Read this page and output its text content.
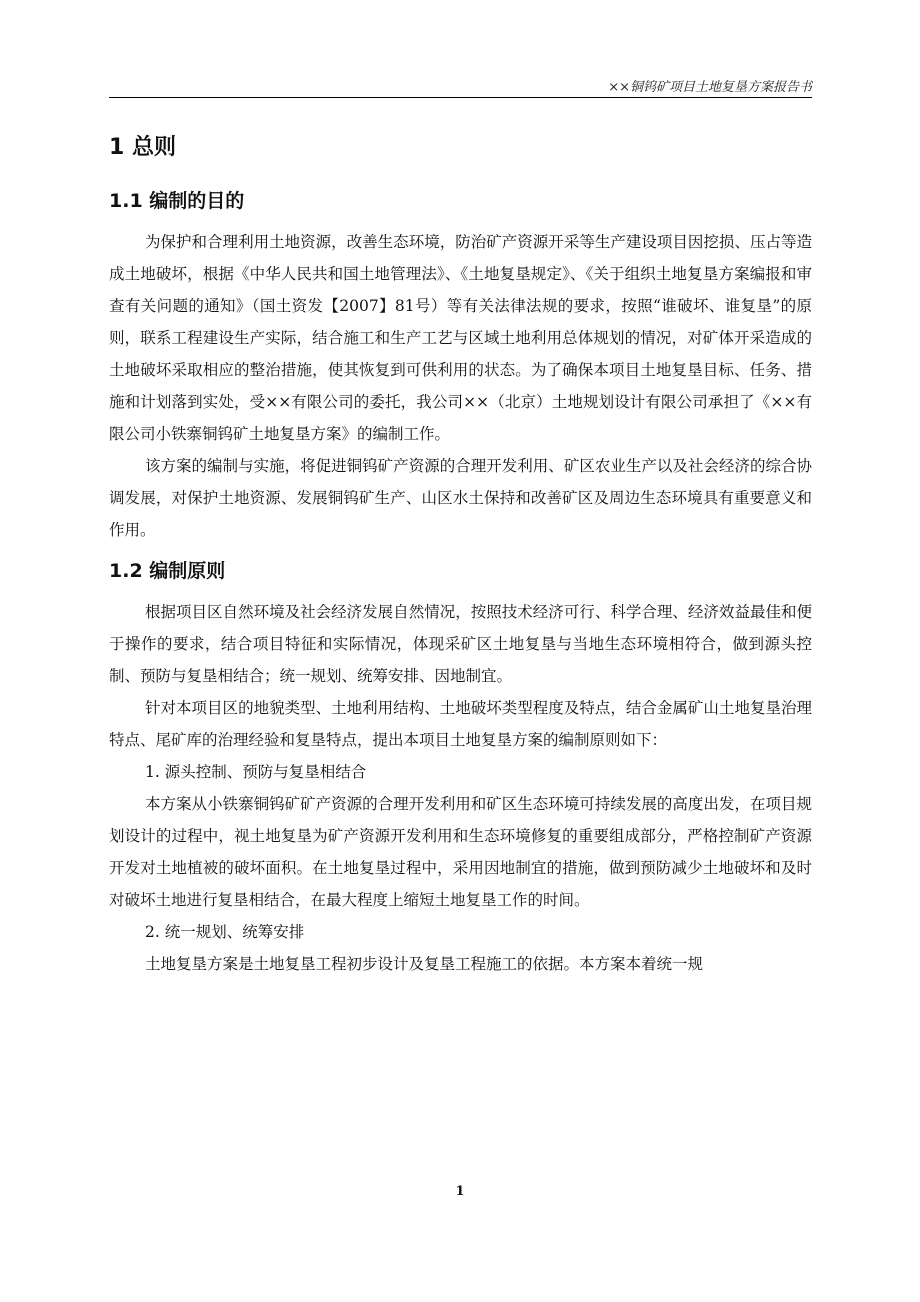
××铜钨矿项目土地复垦方案报告书
1 总则
1.1 编制的目的

为保护和合理利用土地资源，改善生态环境，防治矿产资源开采等生产建设项目因挖损、压占等造成土地破坏，根据《中华人民共和国土地管理法》、《土地复垦规定》、《关于组织土地复垦方案编报和审查有关问题的通知》（国土资发【2007】81号）等有关法律法规的要求，按照“谁破坏、谁复垦”的原则，联系工程建设生产实际，结合施工和生产工艺与区域土地利用总体规划的情况，对矿体开采造成的土地破坏采取相应的整治措施，使其恢复到可供利用的状态。为了确保本项目土地复垦目标、任务、措施和计划落到实处，受××有限公司的委托，我公司××（北京）土地规划设计有限公司承担了《××有限公司小铁寨铜钨矿土地复垦方案》的编制工作。

该方案的编制与实施，将促进铜钨矿产资源的合理开发利用、矿区农业生产以及社会经济的综合协调发展，对保护土地资源、发展铜钨矿生产、山区水土保持和改善矿区及周边生态环境具有重要意义和作用。

1.2 编制原则

根据项目区自然环境及社会经济发展自然情况，按照技术经济可行、科学合理、经济效益最佳和便于操作的要求，结合项目特征和实际情况，体现采矿区土地复垦与当地生态环境相符合，做到源头控制、预防与复垦相结合；统一规划、统筹安排、因地制宜。

针对本项目区的地貌类型、土地利用结构、土地破坏类型程度及特点，结合金属矿山土地复垦治理特点、尾矿库的治理经验和复垦特点，提出本项目土地复垦方案的编制原则如下：

1. 源头控制、预防与复垦相结合

本方案从小铁寨铜钨矿矿产资源的合理开发利用和矿区生态环境可持续发展的高度出发，在项目规划设计的过程中，视土地复垦为矿产资源开发利用和生态环境修复的重要组成部分，严格控制矿产资源开发对土地植被的破坏面积。在土地复垦过程中，采用因地制宜的措施，做到预防减少土地破坏和及时对破坏土地进行复垦相结合，在最大程度上缩短土地复垦工作的时间。

2. 统一规划、统筹安排

土地复垦方案是土地复垦工程初步设计及复垦工程施工的依据。本方案本着统一规

1
